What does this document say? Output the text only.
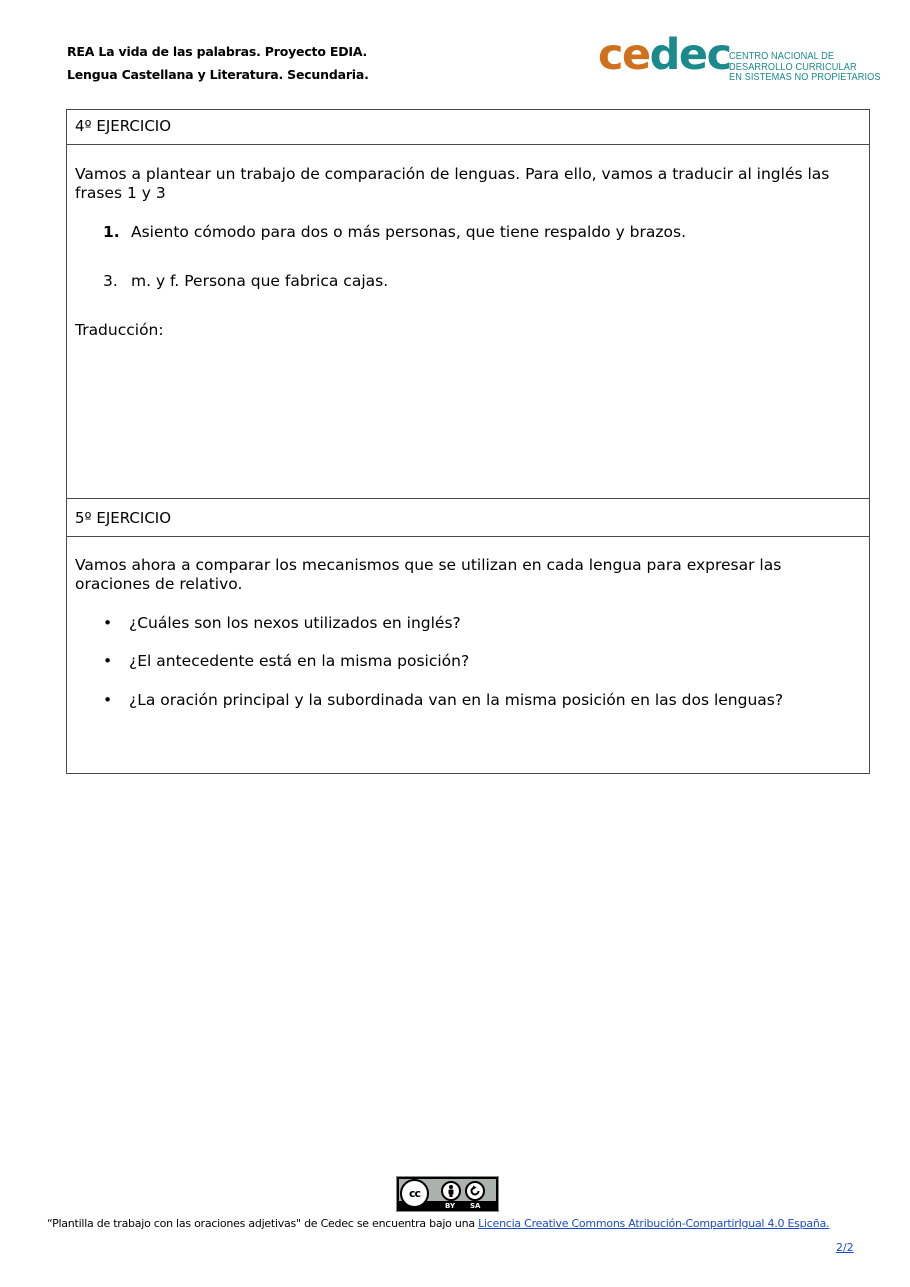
REA La vida de las palabras. Proyecto EDIA.
Lengua Castellana y Literatura. Secundaria.	cedec
CENTRO NACIONAL DE
DESARROLLO CURRICULAR
EN SISTEMAS NO PROPIETARIOS
4º EJERCICIO
Vamos a plantear un trabajo de comparación de lenguas. Para ello, vamos a traducir al inglés las frases 1 y 3
1. Asiento cómodo para dos o más personas, que tiene respaldo y brazos.
3. m. y f. Persona que fabrica cajas.
Traducción:
5º EJERCICIO
Vamos ahora a comparar los mecanismos que se utilizan en cada lengua para expresar las oraciones de relativo.
• ¿Cuáles son los nexos utilizados en inglés?
• ¿El antecedente está en la misma posición?
• ¿La oración principal y la subordinada van en la misma posición en las dos lenguas?
cc
BY SA
“Plantilla de trabajo con las oraciones adjetivas" de Cedec se encuentra bajo una Licencia Creative Commons Atribución-CompartirIgual 4.0 España.
2/2
